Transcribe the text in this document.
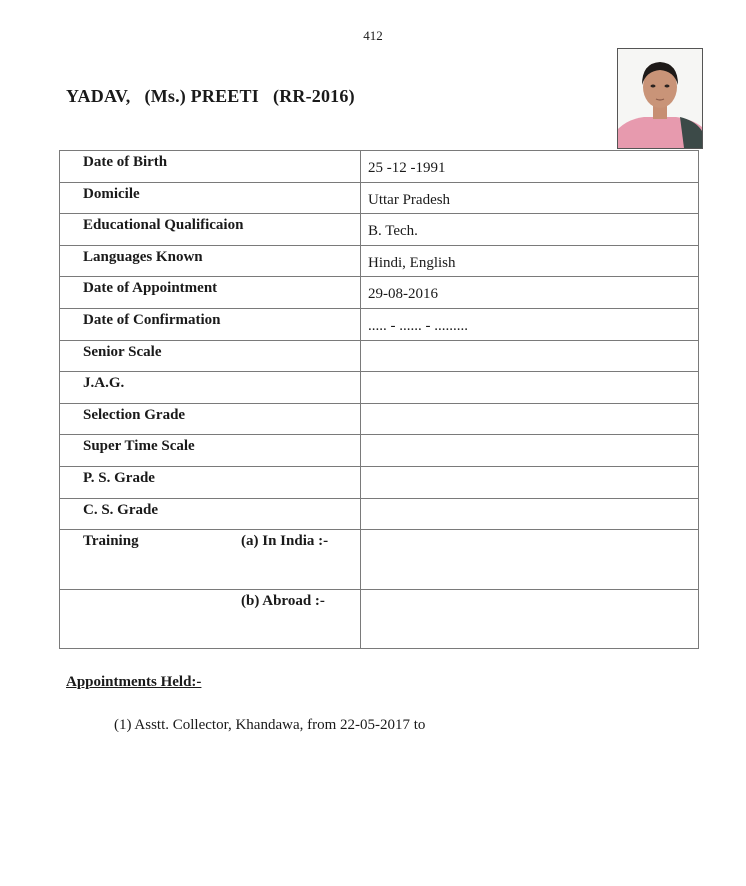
412
YADAV,   (Ms.) PREETI   (RR-2016)
Date of Birth	25 -12 -1991
Domicile	Uttar Pradesh
Educational Qualificaion	B. Tech.
Languages Known	Hindi, English
Date of Appointment	29-08-2016
Date of Confirmation	..... - ...... - .........
Senior Scale	
J.A.G.	
Selection Grade	
Super Time Scale	
P. S. Grade	
C. S. Grade	

Training (a) In India :-	

(b) Abroad :-	

Appointments Held:-
(1) Asstt. Collector, Khandawa, from 22-05-2017 to
